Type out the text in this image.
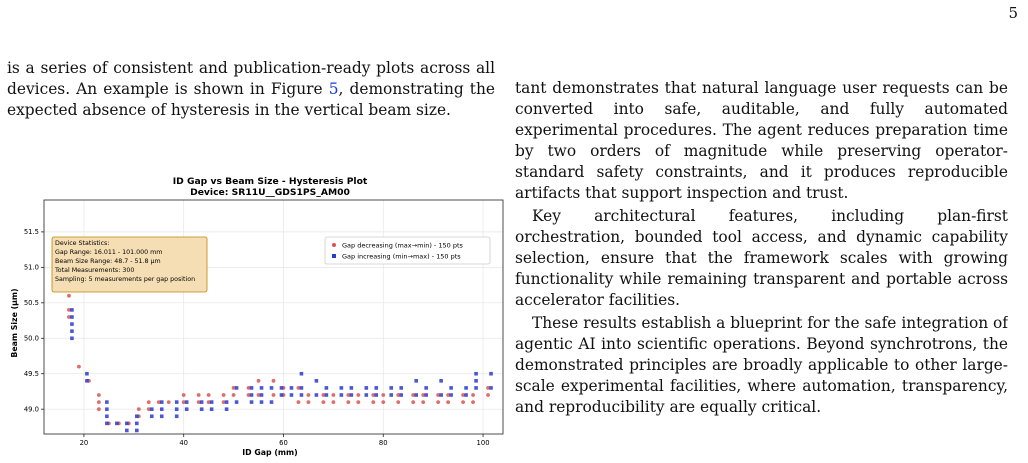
5
is a series of consistent and publication-ready plots across all devices. An example is shown in Figure 5, demonstrating the expected absence of hysteresis in the vertical beam size.
ID Gap vs Beam Size - Hysteresis Plot
Device: SR11U__GDS1PS_AM00
20	40	60	80	100
49.0
49.5
50.0
50.5
51.0
51.5
ID Gap (mm)
Beam Size (µm)
Device Statistics:
Gap Range: 16.011 - 101.000 mm
Beam Size Range: 48.7 - 51.8 µm
Total Measurements: 300
Sampling: 5 measurements per gap position
Gap decreasing (max→min) - 150 pts
Gap increasing (min→max) - 150 pts

tant demonstrates that natural language user requests can be converted into safe, auditable, and fully automated experimental procedures. The agent reduces preparation time by two orders of magnitude while preserving operator-standard safety constraints, and it produces reproducible artifacts that support inspection and trust.

Key architectural features, including plan-first orchestration, bounded tool access, and dynamic capability selection, ensure that the framework scales with growing functionality while remaining transparent and portable across accelerator facilities.

These results establish a blueprint for the safe integration of agentic AI into scientific operations. Beyond synchrotrons, the demonstrated principles are broadly applicable to other large-scale experimental facilities, where automation, transparency, and reproducibility are equally critical.
